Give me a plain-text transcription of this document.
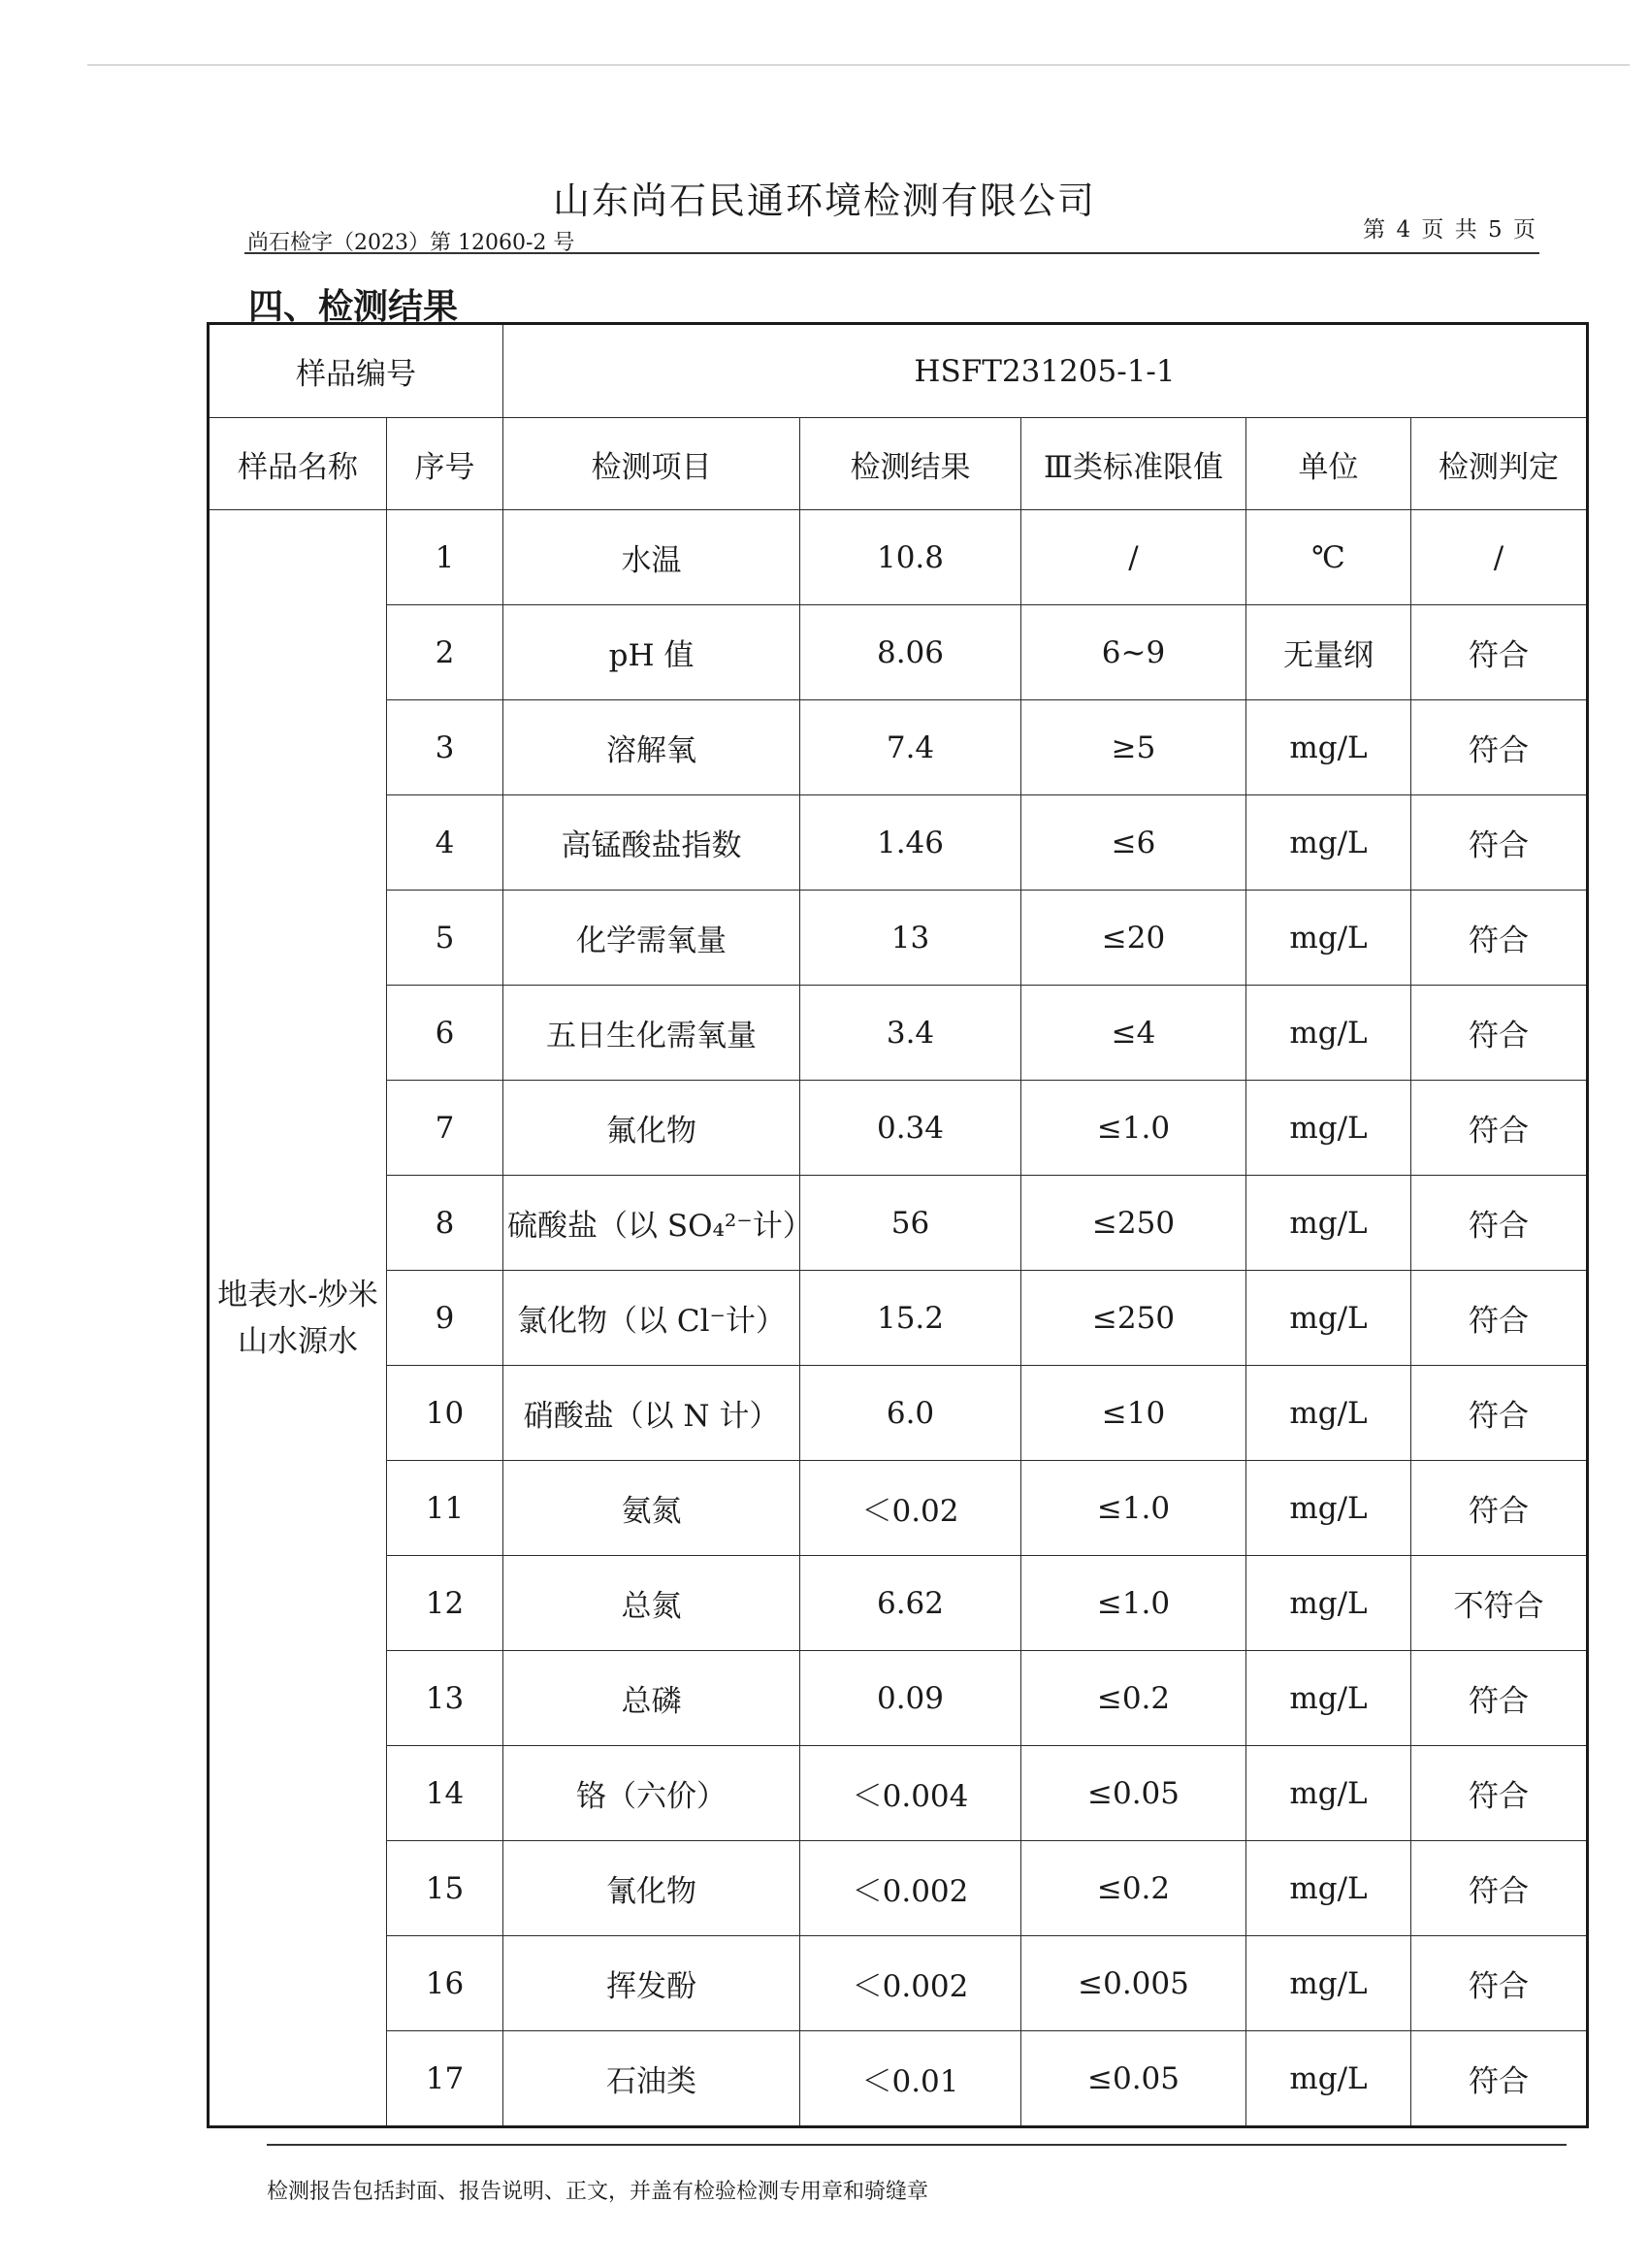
山东尚石民通环境检测有限公司
尚石检字（2023）第 12060-2 号
第 4 页 共 5 页
四、检测结果
样品编号		HSFT231205-1-1				
样品名称	序号	检测项目	检测结果	Ⅲ类标准限值	单位	检测判定
地表水-炒米山水源水	1	水温	10.8	/	℃	/
	2	pH 值	8.06	6~9	无量纲	符合
	3	溶解氧	7.4	≥5	mg/L	符合
	4	高锰酸盐指数	1.46	≤6	mg/L	符合
	5	化学需氧量	13	≤20	mg/L	符合
	6	五日生化需氧量	3.4	≤4	mg/L	符合
	7	氟化物	0.34	≤1.0	mg/L	符合
	8	硫酸盐（以 SO₄²⁻计）	56	≤250	mg/L	符合
	9	氯化物（以 Cl⁻计）	15.2	≤250	mg/L	符合
	10	硝酸盐（以 N 计）	6.0	≤10	mg/L	符合
	11	氨氮	＜0.02	≤1.0	mg/L	符合
	12	总氮	6.62	≤1.0	mg/L	不符合
	13	总磷	0.09	≤0.2	mg/L	符合
	14	铬（六价）	＜0.004	≤0.05	mg/L	符合
	15	氰化物	＜0.002	≤0.2	mg/L	符合
	16	挥发酚	＜0.002	≤0.005	mg/L	符合
	17	石油类	＜0.01	≤0.05	mg/L	符合
检测报告包括封面、报告说明、正文，并盖有检验检测专用章和骑缝章
